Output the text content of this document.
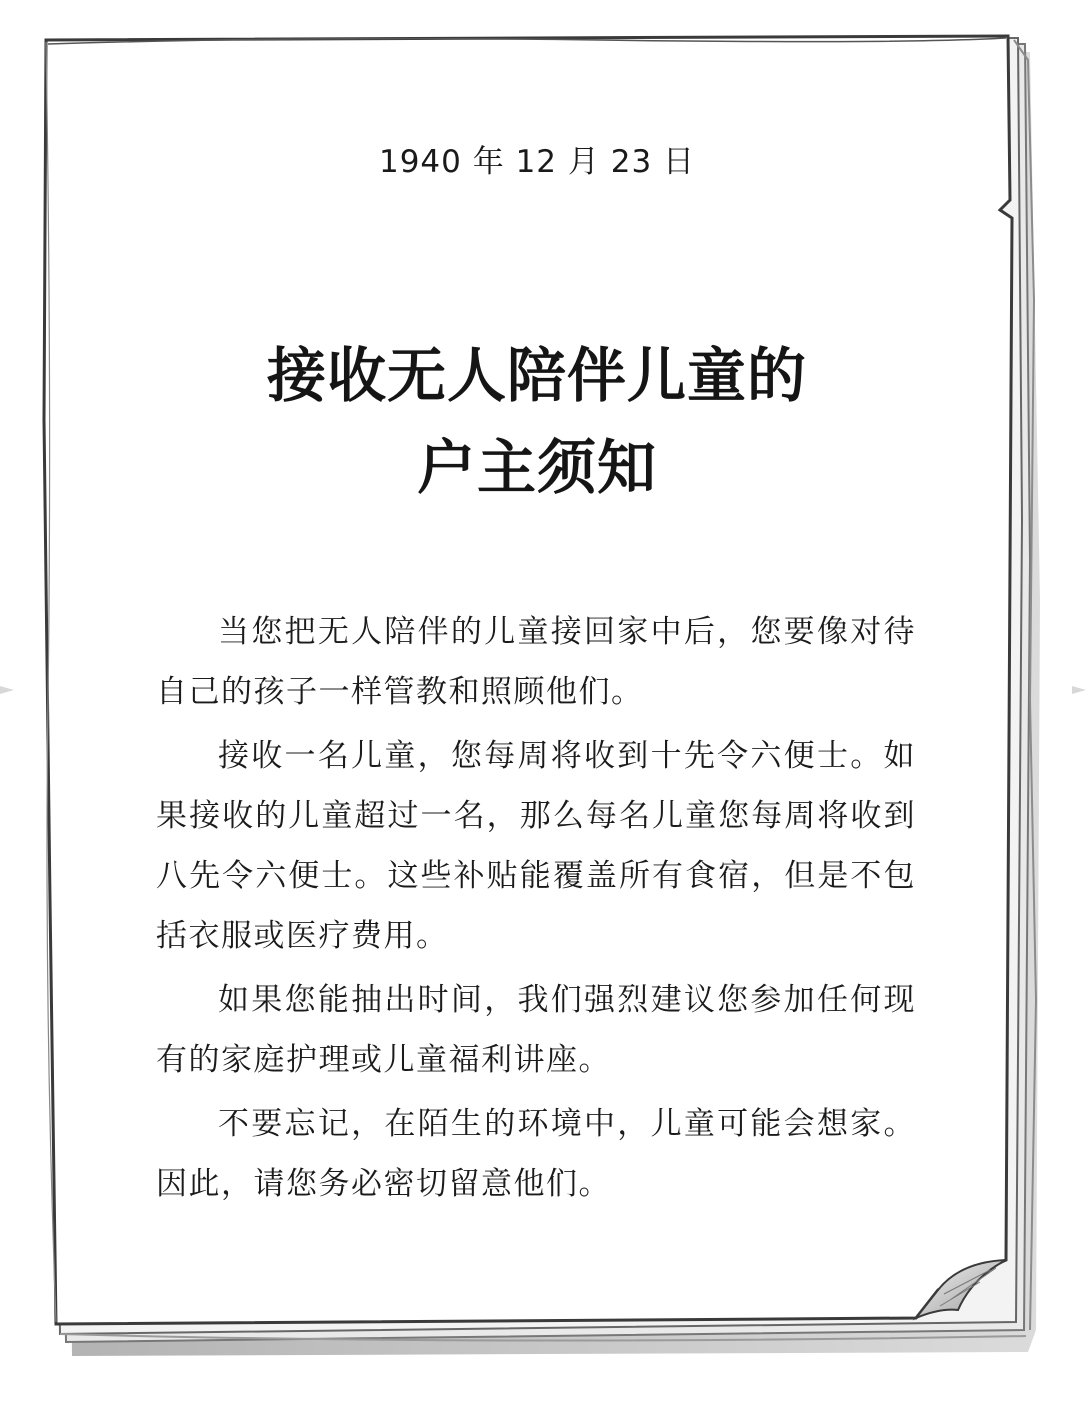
1940 年 12 月 23 日
接收无人陪伴儿童的
户主须知

当您把无人陪伴的儿童接回家中后，您要像对待自己的孩子一样管教和照顾他们。

接收一名儿童，您每周将收到十先令六便士。如果接收的儿童超过一名，那么每名儿童您每周将收到八先令六便士。这些补贴能覆盖所有食宿，但是不包括衣服或医疗费用。

如果您能抽出时间，我们强烈建议您参加任何现有的家庭护理或儿童福利讲座。

不要忘记，在陌生的环境中，儿童可能会想家。因此，请您务必密切留意他们。
